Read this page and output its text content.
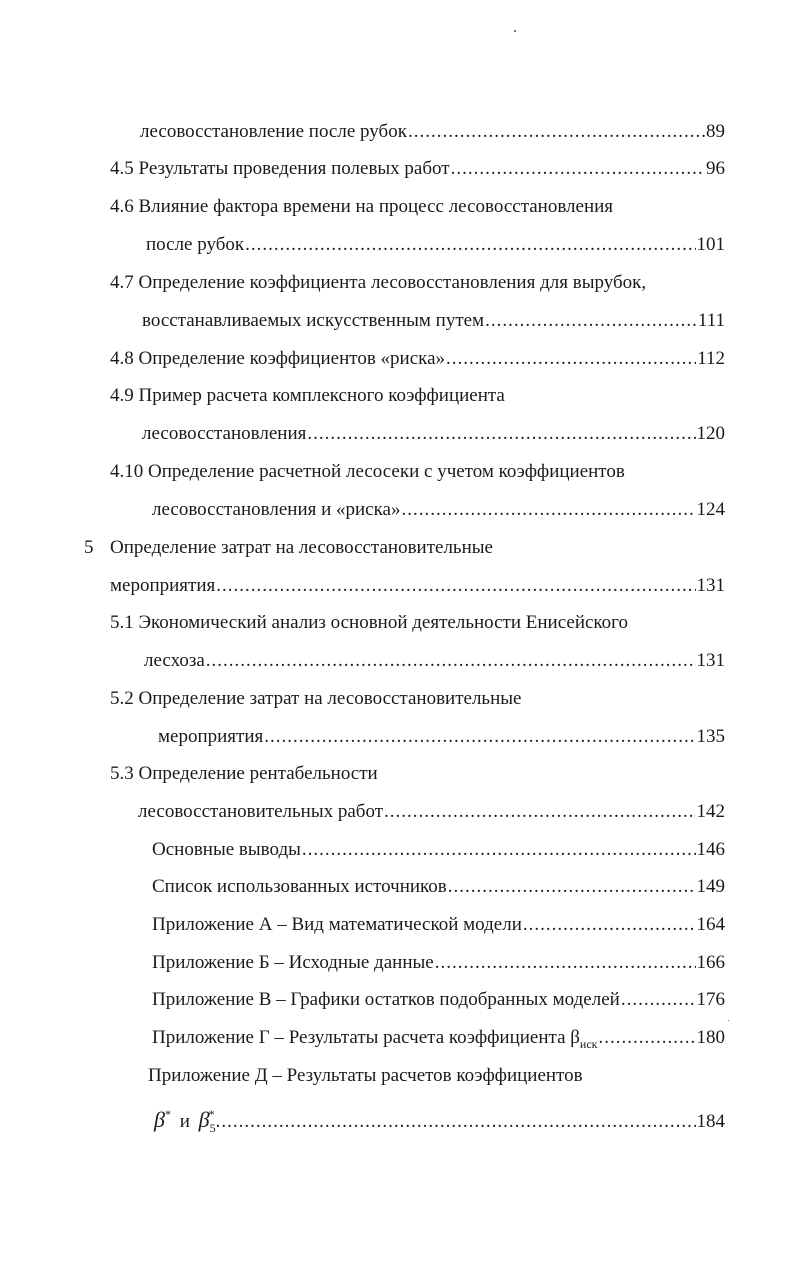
лесовосстановление после рубок .....	89
4.5 Результаты проведения полевых работ .....	96
4.6 Влияние фактора времени на процесс лесовосстановления
после рубок .....	101
4.7 Определение коэффициента лесовосстановления для вырубок,
восстанавливаемых искусственным путем .....	111
4.8 Определение коэффициентов «риска» .....	112
4.9 Пример расчета комплексного коэффициента
лесовосстановления .....	120
4.10 Определение расчетной лесосеки с учетом коэффициентов
лесовосстановления и «риска» .....	124
5 Определение затрат на лесовосстановительные
мероприятия .....	131
5.1 Экономический анализ основной деятельности Енисейского
лесхоза .....	131
5.2 Определение затрат на лесовосстановительные
мероприятия .....	135
5.3 Определение рентабельности
лесовосстановительных работ .....	142
Основные выводы .....	146
Список использованных источников .....	149
Приложение А – Вид математической модели .....	164
Приложение Б – Исходные данные .....	166
Приложение В – Графики остатков подобранных моделей .....	176
Приложение Г – Результаты расчета коэффициента $\beta_{иск}$ .....	180
Приложение Д – Результаты расчетов коэффициентов
β* и $\beta_5^*$ .....	184
